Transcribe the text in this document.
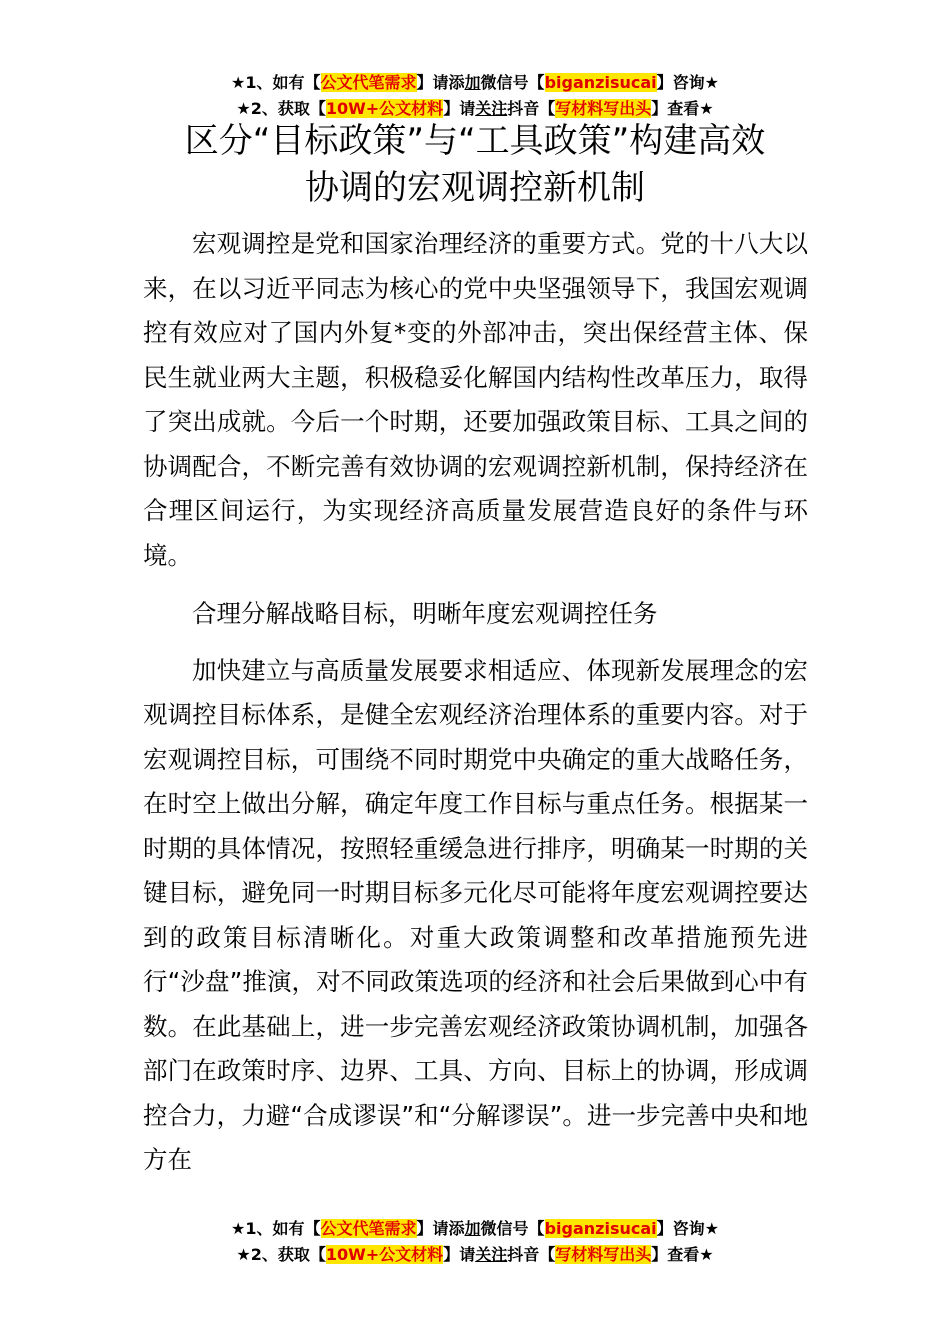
★1、如有【公文代笔需求】请添加微信号【biganzisucai】咨询★
★2、获取【10W+公文材料】请关注抖音【写材料写出头】查看★
区分“目标政策”与“工具政策”构建高效
协调的宏观调控新机制

宏观调控是党和国家治理经济的重要方式。党的十八大以来，在以习近平同志为核心的党中央坚强领导下，我国宏观调控有效应对了国内外复*变的外部冲击，突出保经营主体、保民生就业两大主题，积极稳妥化解国内结构性改革压力，取得了突出成就。今后一个时期，还要加强政策目标、工具之间的协调配合，不断完善有效协调的宏观调控新机制，保持经济在合理区间运行，为实现经济高质量发展营造良好的条件与环境。

合理分解战略目标，明晰年度宏观调控任务

加快建立与高质量发展要求相适应、体现新发展理念的宏观调控目标体系，是健全宏观经济治理体系的重要内容。对于宏观调控目标，可围绕不同时期党中央确定的重大战略任务，在时空上做出分解，确定年度工作目标与重点任务。根据某一时期的具体情况，按照轻重缓急进行排序，明确某一时期的关键目标，避免同一时期目标多元化尽可能将年度宏观调控要达到的政策目标清晰化。对重大政策调整和改革措施预先进行“沙盘”推演，对不同政策选项的经济和社会后果做到心中有数。在此基础上，进一步完善宏观经济政策协调机制，加强各部门在政策时序、边界、工具、方向、目标上的协调，形成调控合力，力避“合成谬误”和“分解谬误”。进一步完善中央和地方在

★1、如有【公文代笔需求】请添加微信号【biganzisucai】咨询★
★2、获取【10W+公文材料】请关注抖音【写材料写出头】查看★
